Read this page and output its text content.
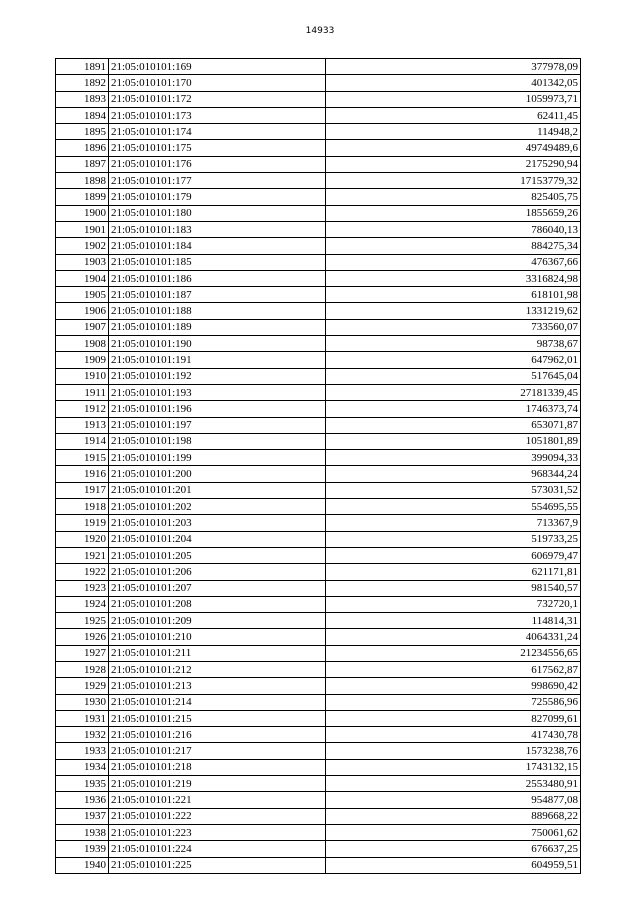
14933
1891	21:05:010101:169	377978,09
1892	21:05:010101:170	401342,05
1893	21:05:010101:172	1059973,71
1894	21:05:010101:173	62411,45
1895	21:05:010101:174	114948,2
1896	21:05:010101:175	49749489,6
1897	21:05:010101:176	2175290,94
1898	21:05:010101:177	17153779,32
1899	21:05:010101:179	825405,75
1900	21:05:010101:180	1855659,26
1901	21:05:010101:183	786040,13
1902	21:05:010101:184	884275,34
1903	21:05:010101:185	476367,66
1904	21:05:010101:186	3316824,98
1905	21:05:010101:187	618101,98
1906	21:05:010101:188	1331219,62
1907	21:05:010101:189	733560,07
1908	21:05:010101:190	98738,67
1909	21:05:010101:191	647962,01
1910	21:05:010101:192	517645,04
1911	21:05:010101:193	27181339,45
1912	21:05:010101:196	1746373,74
1913	21:05:010101:197	653071,87
1914	21:05:010101:198	1051801,89
1915	21:05:010101:199	399094,33
1916	21:05:010101:200	968344,24
1917	21:05:010101:201	573031,52
1918	21:05:010101:202	554695,55
1919	21:05:010101:203	713367,9
1920	21:05:010101:204	519733,25
1921	21:05:010101:205	606979,47
1922	21:05:010101:206	621171,81
1923	21:05:010101:207	981540,57
1924	21:05:010101:208	732720,1
1925	21:05:010101:209	114814,31
1926	21:05:010101:210	4064331,24
1927	21:05:010101:211	21234556,65
1928	21:05:010101:212	617562,87
1929	21:05:010101:213	998690,42
1930	21:05:010101:214	725586,96
1931	21:05:010101:215	827099,61
1932	21:05:010101:216	417430,78
1933	21:05:010101:217	1573238,76
1934	21:05:010101:218	1743132,15
1935	21:05:010101:219	2553480,91
1936	21:05:010101:221	954877,08
1937	21:05:010101:222	889668,22
1938	21:05:010101:223	750061,62
1939	21:05:010101:224	676637,25
1940	21:05:010101:225	604959,51
